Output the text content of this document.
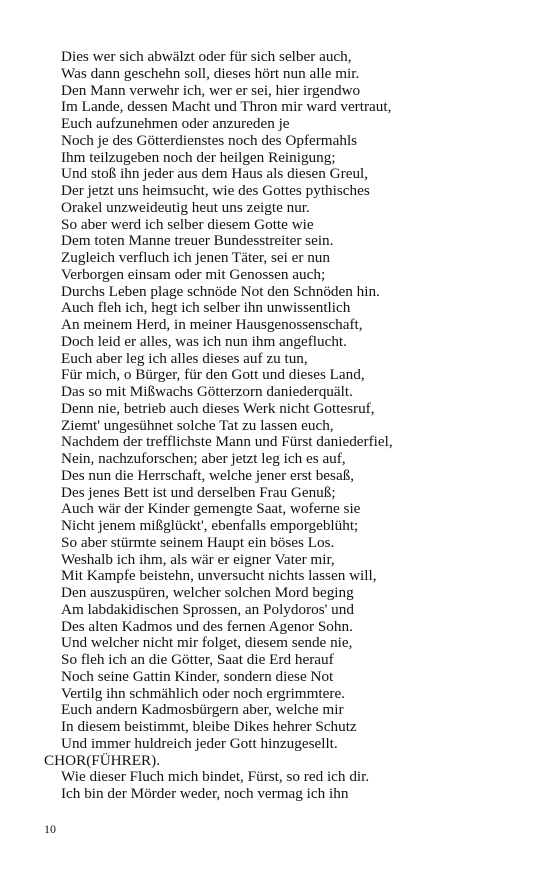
Dies wer sich abwälzt oder für sich selber auch,
Was dann geschehn soll, dieses hört nun alle mir.
Den Mann verwehr ich, wer er sei, hier irgendwo
Im Lande, dessen Macht und Thron mir ward vertraut,
Euch aufzunehmen oder anzureden je
Noch je des Götterdienstes noch des Opfermahls
Ihm teilzugeben noch der heilgen Reinigung;
Und stoß ihn jeder aus dem Haus als diesen Greul,
Der jetzt uns heimsucht, wie des Gottes pythisches
Orakel unzweideutig heut uns zeigte nur.
So aber werd ich selber diesem Gotte wie
Dem toten Manne treuer Bundesstreiter sein.
Zugleich verfluch ich jenen Täter, sei er nun
Verborgen einsam oder mit Genossen auch;
Durchs Leben plage schnöde Not den Schnöden hin.
Auch fleh ich, hegt ich selber ihn unwissentlich
An meinem Herd, in meiner Hausgenossenschaft,
Doch leid er alles, was ich nun ihm angeflucht.
Euch aber leg ich alles dieses auf zu tun,
Für mich, o Bürger, für den Gott und dieses Land,
Das so mit Mißwachs Götterzorn daniederquält.
Denn nie, betrieb auch dieses Werk nicht Gottesruf,
Ziemt' ungesühnet solche Tat zu lassen euch,
Nachdem der trefflichste Mann und Fürst daniederfiel,
Nein, nachzuforschen; aber jetzt leg ich es auf,
Des nun die Herrschaft, welche jener erst besaß,
Des jenes Bett ist und derselben Frau Genuß;
Auch wär der Kinder gemengte Saat, woferne sie
Nicht jenem mißglückt', ebenfalls emporgeblüht;
So aber stürmte seinem Haupt ein böses Los.
Weshalb ich ihm, als wär er eigner Vater mir,
Mit Kampfe beistehn, unversucht nichts lassen will,
Den auszuspüren, welcher solchen Mord beging
Am labdakidischen Sprossen, an Polydoros' und
Des alten Kadmos und des fernen Agenor Sohn.
Und welcher nicht mir folget, diesem sende nie,
So fleh ich an die Götter, Saat die Erd herauf
Noch seine Gattin Kinder, sondern diese Not
Vertilg ihn schmählich oder noch ergrimmtere.
Euch andern Kadmosbürgern aber, welche mir
In diesem beistimmt, bleibe Dikes hehrer Schutz
Und immer huldreich jeder Gott hinzugesellt.
CHOR(FÜHRER).
Wie dieser Fluch mich bindet, Fürst, so red ich dir.
Ich bin der Mörder weder, noch vermag ich ihn
10
